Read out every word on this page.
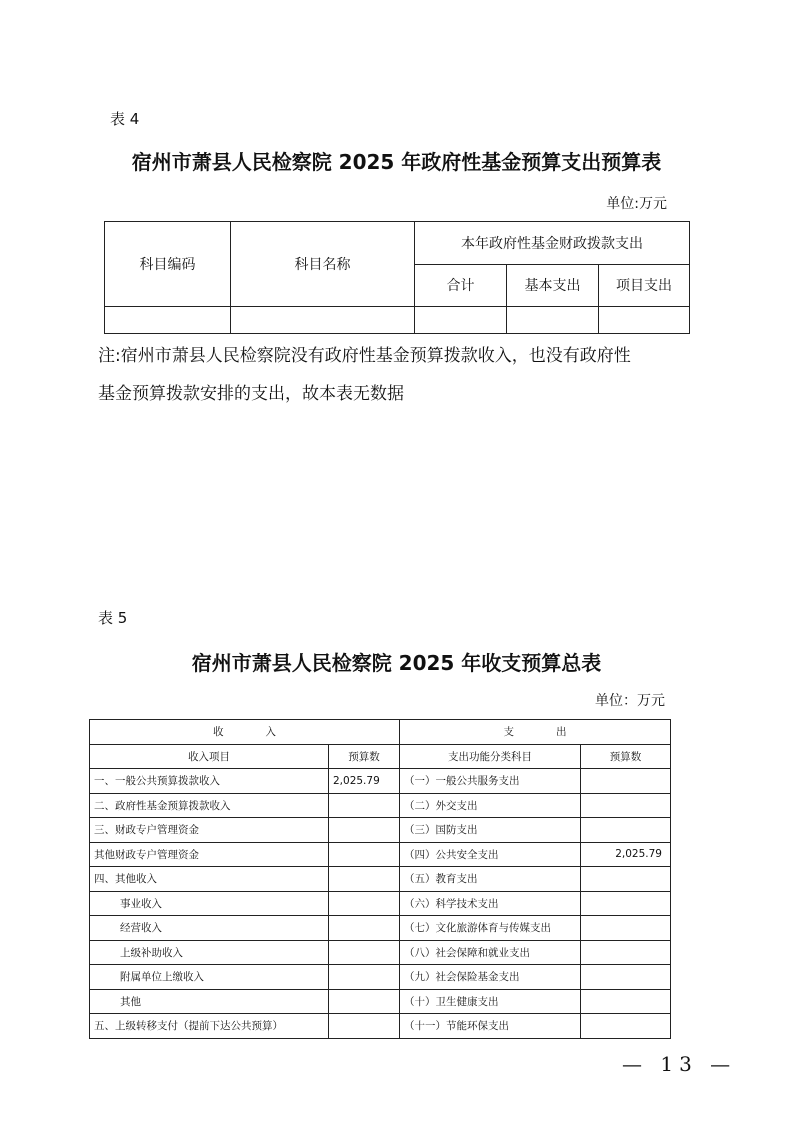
表 4
宿州市萧县人民检察院 2025 年政府性基金预算支出预算表
单位:万元
科目编码	科目名称	本年政府性基金财政拨款支出		
		合计	基本支出	项目支出

注:宿州市萧县人民检察院没有政府性基金预算拨款收入，也没有政府性
基金预算拨款安排的支出，故本表无数据
表 5
宿州市萧县人民检察院 2025 年收支预算总表
单位：万元
收　　　　入		支　　　　出	
收入项目	预算数	支出功能分类科目	预算数
一、一般公共预算拨款收入	2,025.79	（一）一般公共服务支出	
二、政府性基金预算拨款收入		（二）外交支出	
三、财政专户管理资金		（三）国防支出	
其他财政专户管理资金		（四）公共安全支出	2,025.79
四、其他收入		（五）教育支出	
事业收入		（六）科学技术支出	
经营收入		（七）文化旅游体育与传媒支出	
上级补助收入		（八）社会保障和就业支出	
附属单位上缴收入		（九）社会保险基金支出	
其他		（十）卫生健康支出	
五、上级转移支付（提前下达公共预算）		（十一）节能环保支出	
— 13 —
